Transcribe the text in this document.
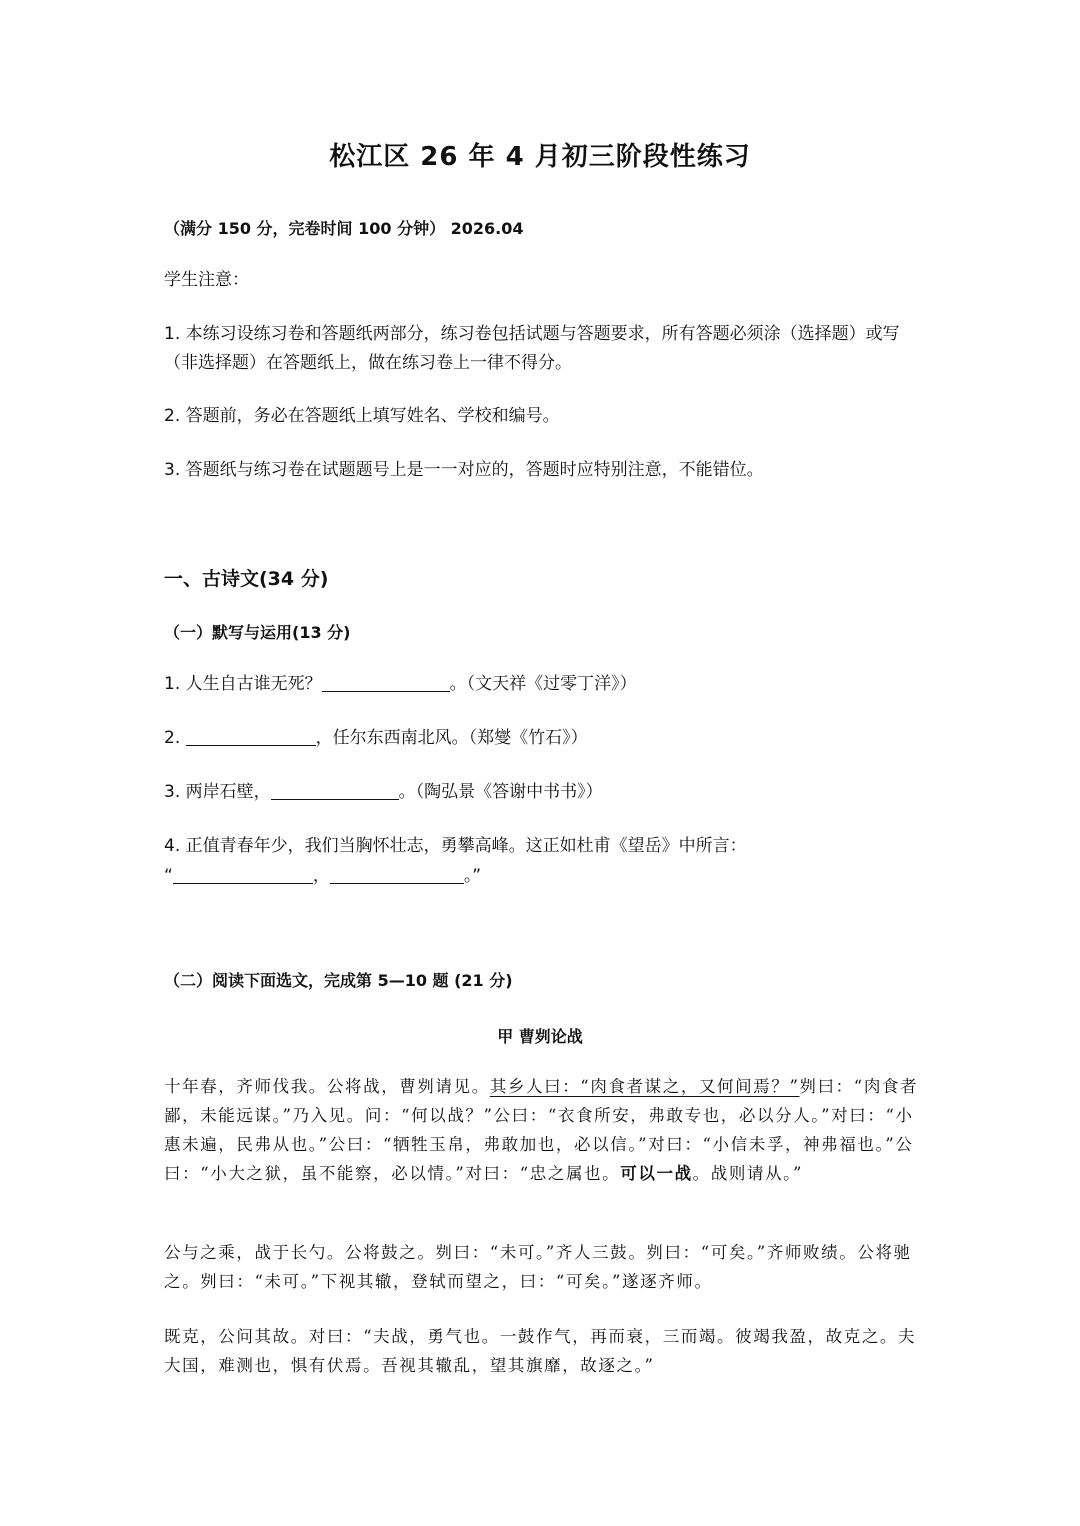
松江区 26 年 4 月初三阶段性练习
（满分 150 分，完卷时间 100 分钟） 2026.04
学生注意：
1. 本练习设练习卷和答题纸两部分，练习卷包括试题与答题要求，所有答题必须涂（选择题）或写（非选择题）在答题纸上，做在练习卷上一律不得分。
2. 答题前，务必在答题纸上填写姓名、学校和编号。
3. 答题纸与练习卷在试题题号上是一一对应的，答题时应特别注意，不能错位。
一、古诗文(34 分)
（一）默写与运用(13 分)
1. 人生自古谁无死？	。（文天祥《过零丁洋》）
2.	，任尔东西南北风。（郑燮《竹石》）
3. 两岸石壁，	。（陶弘景《答谢中书书》）
4. 正值青春年少，我们当胸怀壮志，勇攀高峰。这正如杜甫《望岳》中所言：
“	，	。”
（二）阅读下面选文，完成第 5—10 题 (21 分)
甲 曹刿论战

十年春，齐师伐我。公将战，曹刿请见。其乡人曰：“肉食者谋之，又何间焉？”刿曰：“肉食者鄙，未能远谋。”乃入见。问：“何以战？”公曰：“衣食所安，弗敢专也，必以分人。”对曰：“小惠未遍，民弗从也。”公曰：“牺牲玉帛，弗敢加也，必以信。”对曰：“小信未孚，神弗福也。”公曰：“小大之狱，虽不能察，必以情。”对曰：“忠之属也。可以一战。战则请从。”

公与之乘，战于长勺。公将鼓之。刿曰：“未可。”齐人三鼓。刿曰：“可矣。”齐师败绩。公将驰之。刿曰：“未可。”下视其辙，登轼而望之，曰：“可矣。”遂逐齐师。

既克，公问其故。对曰：“夫战，勇气也。一鼓作气，再而衰，三而竭。彼竭我盈，故克之。夫大国，难测也，惧有伏焉。吾视其辙乱，望其旗靡，故逐之。”
